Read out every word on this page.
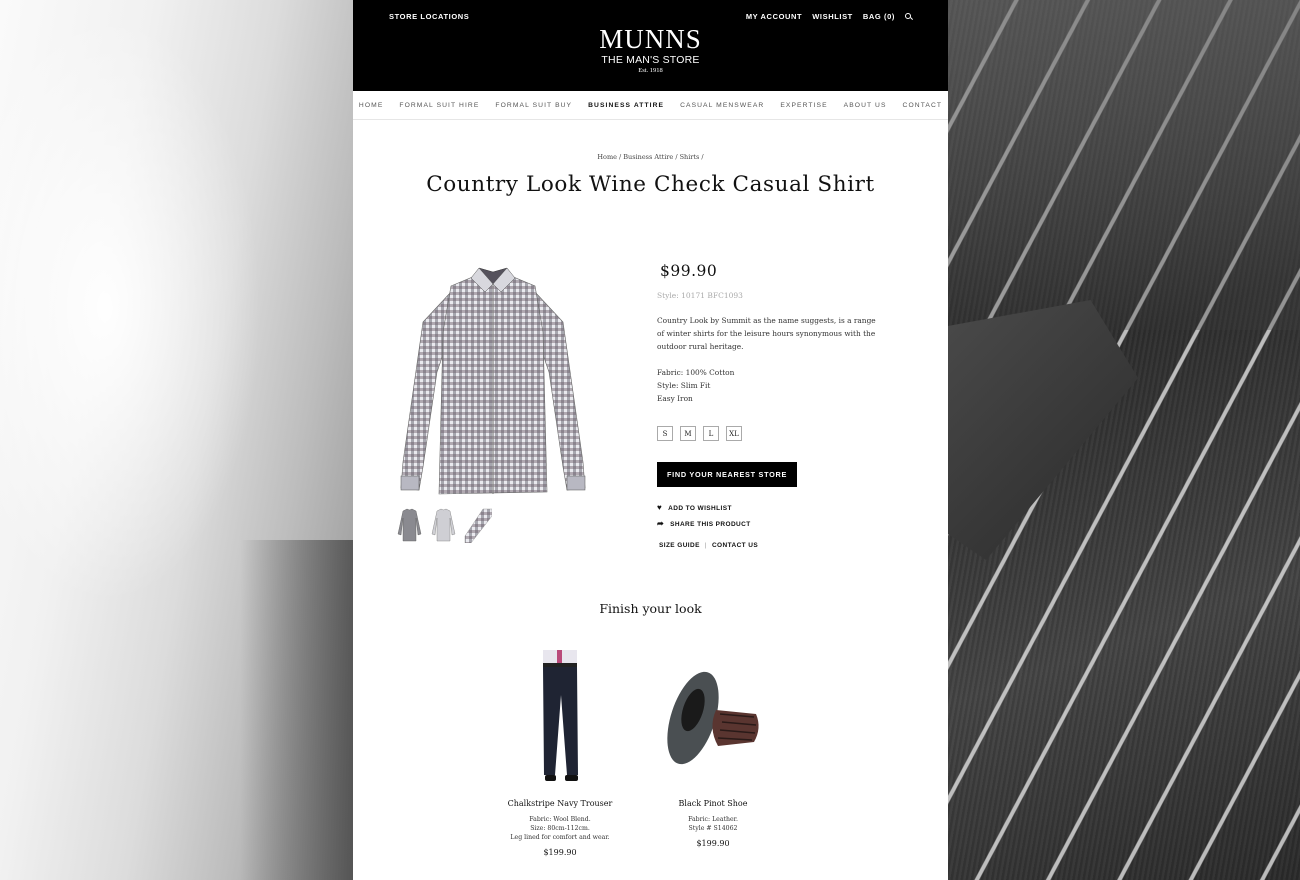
STORE LOCATIONS	MY ACCOUNT WISHLIST BAG (0)
MUNNS
THE MAN'S STORE
Est. 1918
HOME FORMAL SUIT HIRE FORMAL SUIT BUY BUSINESS ATTIRE CASUAL MENSWEAR EXPERTISE ABOUT US CONTACT
Home / Business Attire / Shirts /
Country Look Wine Check Casual Shirt
$99.90
Style: 10171 BFC1093
Country Look by Summit as the name suggests, is a range of winter shirts for the leisure hours synonymous with the outdoor rural heritage.
Fabric: 100% Cotton
Style: Slim Fit
Easy Iron
S	M	L	XL
FIND YOUR NEAREST STORE
♥ ADD TO WISHLIST
➦ SHARE THIS PRODUCT
SIZE GUIDE | CONTACT US
Finish your look
Chalkstripe Navy Trouser
Fabric: Wool Blend.
Size: 80cm-112cm.
Leg lined for comfort and wear.
$199.90
Black Pinot Shoe
Fabric: Leather.
Style # S14062
$199.90
